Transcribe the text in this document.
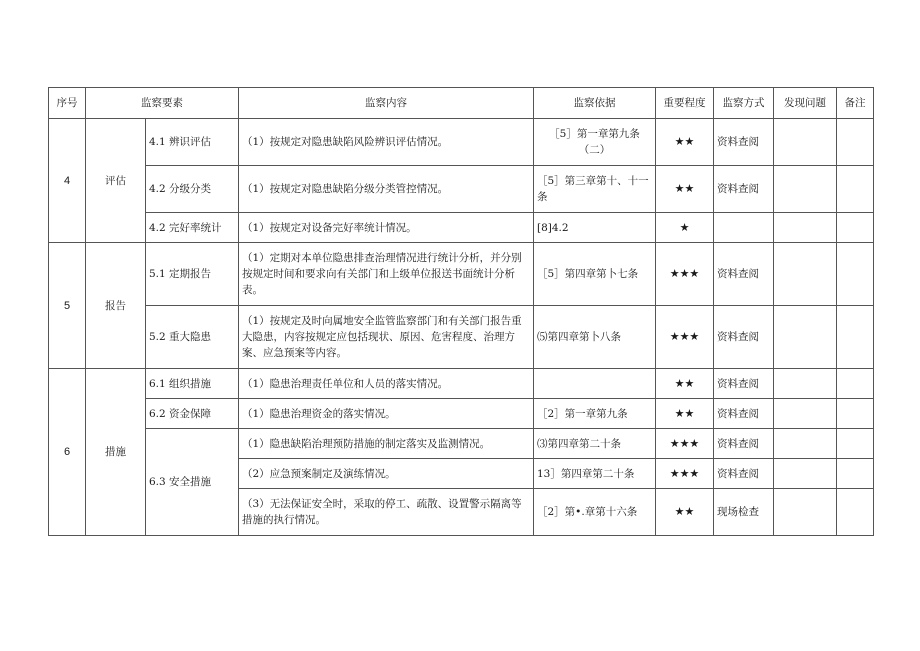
序号	监察要素		监察内容	监察依据	重要程度	监察方式	发现问题	备注
4	评估	4.1 辨识评估	（1）按规定对隐患缺陷风险辨识评估情况。	［5］第一章第九条（二）	★★	资料查阅		
		4.2 分级分类	（1）按规定对隐患缺陷分级分类管控情况。	［5］第三章第十、十一条	★★	资料查阅		
		4.2 完好率统计	（1）按规定对设备完好率统计情况。	[8]4.2	★			
5	报告	5.1 定期报告	（1）定期对本单位隐患排查治理情况进行统计分析，并分别按规定时间和要求向有关部门和上级单位报送书面统计分析表。	［5］第四章第卜七条	★★★	资料查阅		
		5.2 重大隐患	（1）按规定及时向属地安全监管监察部门和有关部门报告重大隐患，内容按规定应包括现状、原因、危害程度、治理方案、应急预案等内容。	⑸第四章第卜八条	★★★	资料查阅		
6	措施	6.1 组织措施	（1）隐患治理责任单位和人员的落实情况。		★★	资料查阅		
		6.2 资金保障	（1）隐患治理资金的落实情况。	［2］第一章第九条	★★	资料查阅		
		6.3 安全措施	（1）隐患缺陷治理预防措施的制定落实及监测情况。	⑶第四章第二十条	★★★	资料查阅		
			（2）应急预案制定及演练情况。	13］第四章第二十条	★★★	资料查阅		
			（3）无法保证安全时，采取的停工、疏散、设置警示隔离等措施的执行情况。	［2］第•.章第十六条	★★	现场检查		
